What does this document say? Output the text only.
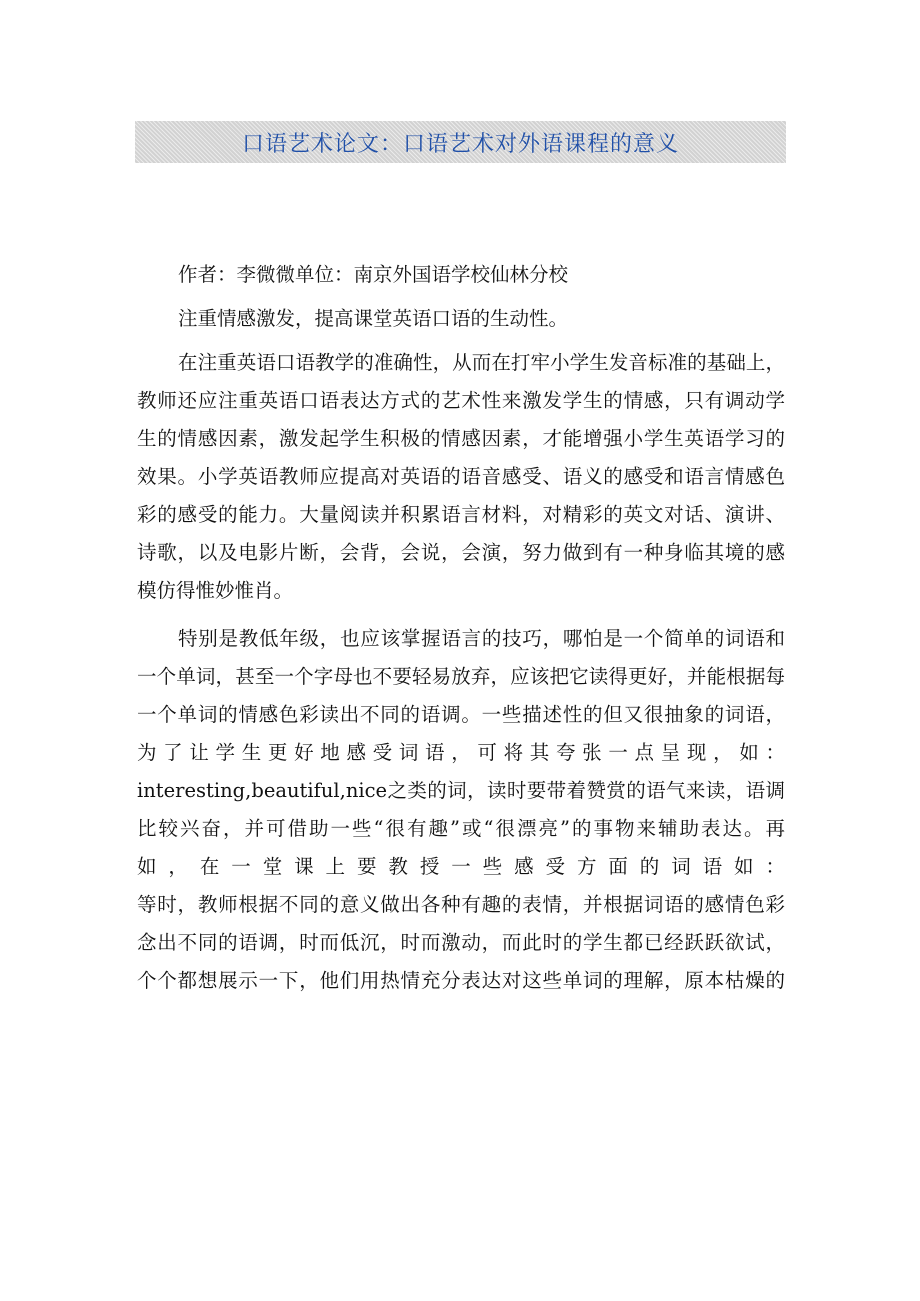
口语艺术论文：口语艺术对外语课程的意义
作者：李微微单位：南京外国语学校仙林分校
注重情感激发，提高课堂英语口语的生动性。
在注重英语口语教学的准确性，从而在打牢小学生发音标准的基础上，
教师还应注重英语口语表达方式的艺术性来激发学生的情感，只有调动学
生的情感因素，激发起学生积极的情感因素，才能增强小学生英语学习的
效果。小学英语教师应提高对英语的语音感受、语义的感受和语言情感色
彩的感受的能力。大量阅读并积累语言材料，对精彩的英文对话、演讲、
诗歌，以及电影片断，会背，会说，会演，努力做到有一种身临其境的感
模仿得惟妙惟肖。
特别是教低年级，也应该掌握语言的技巧，哪怕是一个简单的词语和
一个单词，甚至一个字母也不要轻易放弃，应该把它读得更好，并能根据每
一个单词的情感色彩读出不同的语调。一些描述性的但又很抽象的词语，
为 了 让 学 生 更 好 地 感 受 词 语 ， 可 将 其 夸 张 一 点 呈 现 ， 如 ：
interesting,beautiful,nice之类的词，读时要带着赞赏的语气来读，语调
比较兴奋，并可借助一些“很有趣”或“很漂亮”的事物来辅助表达。再
如，在一堂课上要教授一些感受方面的词语如：
等时，教师根据不同的意义做出各种有趣的表情，并根据词语的感情色彩
念出不同的语调，时而低沉，时而激动，而此时的学生都已经跃跃欲试，
个个都想展示一下，他们用热情充分表达对这些单词的理解，原本枯燥的
